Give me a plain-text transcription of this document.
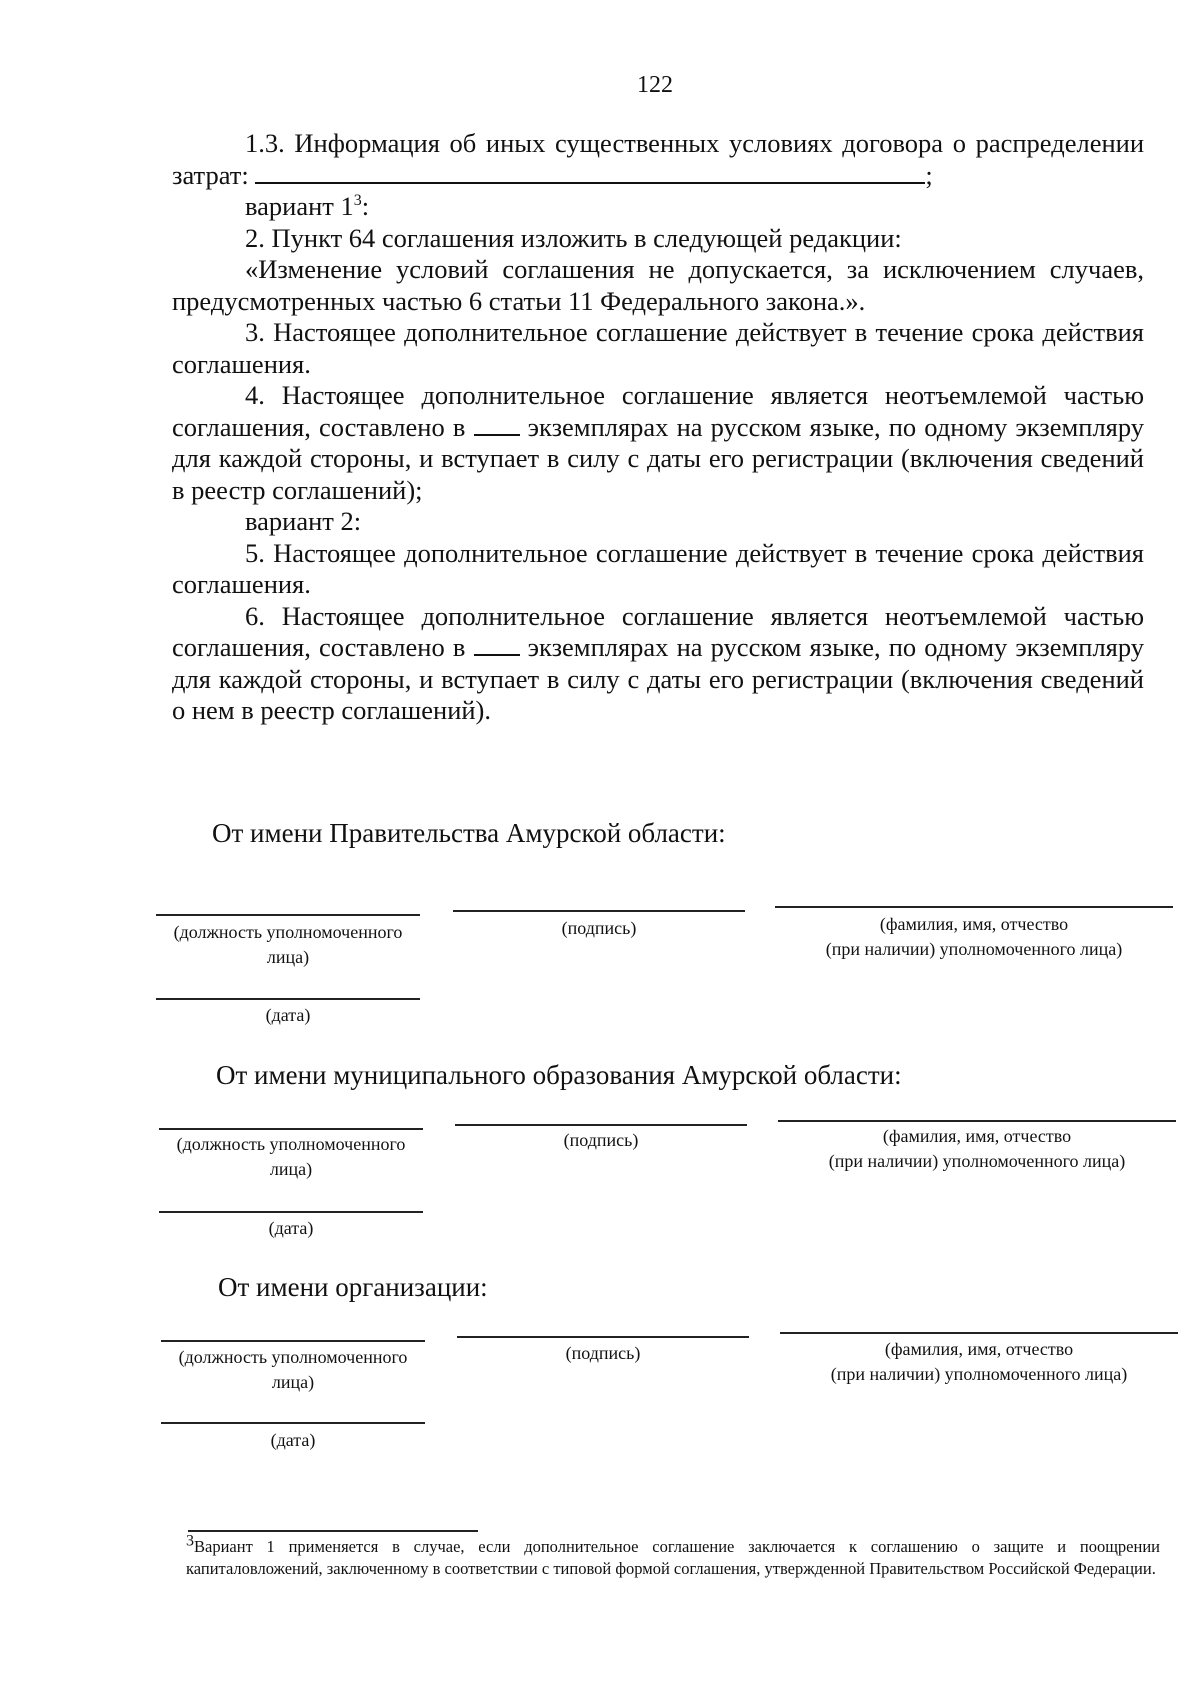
122

1.3. Информация об иных существенных условиях договора о распределении затрат:	;

вариант $1^3$:

2. Пункт 64 соглашения изложить в следующей редакции:

«Изменение условий соглашения не допускается, за исключением случаев, предусмотренных частью 6 статьи 11 Федерального закона.».

3. Настоящее дополнительное соглашение действует в течение срока действия соглашения.

4. Настоящее дополнительное соглашение является неотъемлемой частью соглашения, составлено в экземплярах на русском языке, по одному экземпляру для каждой стороны, и вступает в силу с даты его регистрации (включения сведений в реестр соглашений);

вариант 2:

5. Настоящее дополнительное соглашение действует в течение срока действия соглашения.

6. Настоящее дополнительное соглашение является неотъемлемой частью соглашения, составлено в экземплярах на русском языке, по одному экземпляру для каждой стороны, и вступает в силу с даты его регистрации (включения сведений о нем в реестр соглашений).

От имени Правительства Амурской области:
(должность уполномоченного лица)
(подпись)	(фамилия, имя, отчество
(при наличии) уполномоченного лица)
(дата)
От имени муниципального образования Амурской области:
(должность уполномоченного лица)
(подпись)	(фамилия, имя, отчество
(при наличии) уполномоченного лица)
(дата)
От имени организации:
(должность уполномоченного лица)
(подпись)	(фамилия, имя, отчество
(при наличии) уполномоченного лица)
(дата)
$^3$Вариант 1 применяется в случае, если дополнительное соглашение заключается к соглашению о защите и поощрении капиталовложений, заключенному в соответствии с типовой формой соглашения, утвержденной Правительством Российской Федерации.
